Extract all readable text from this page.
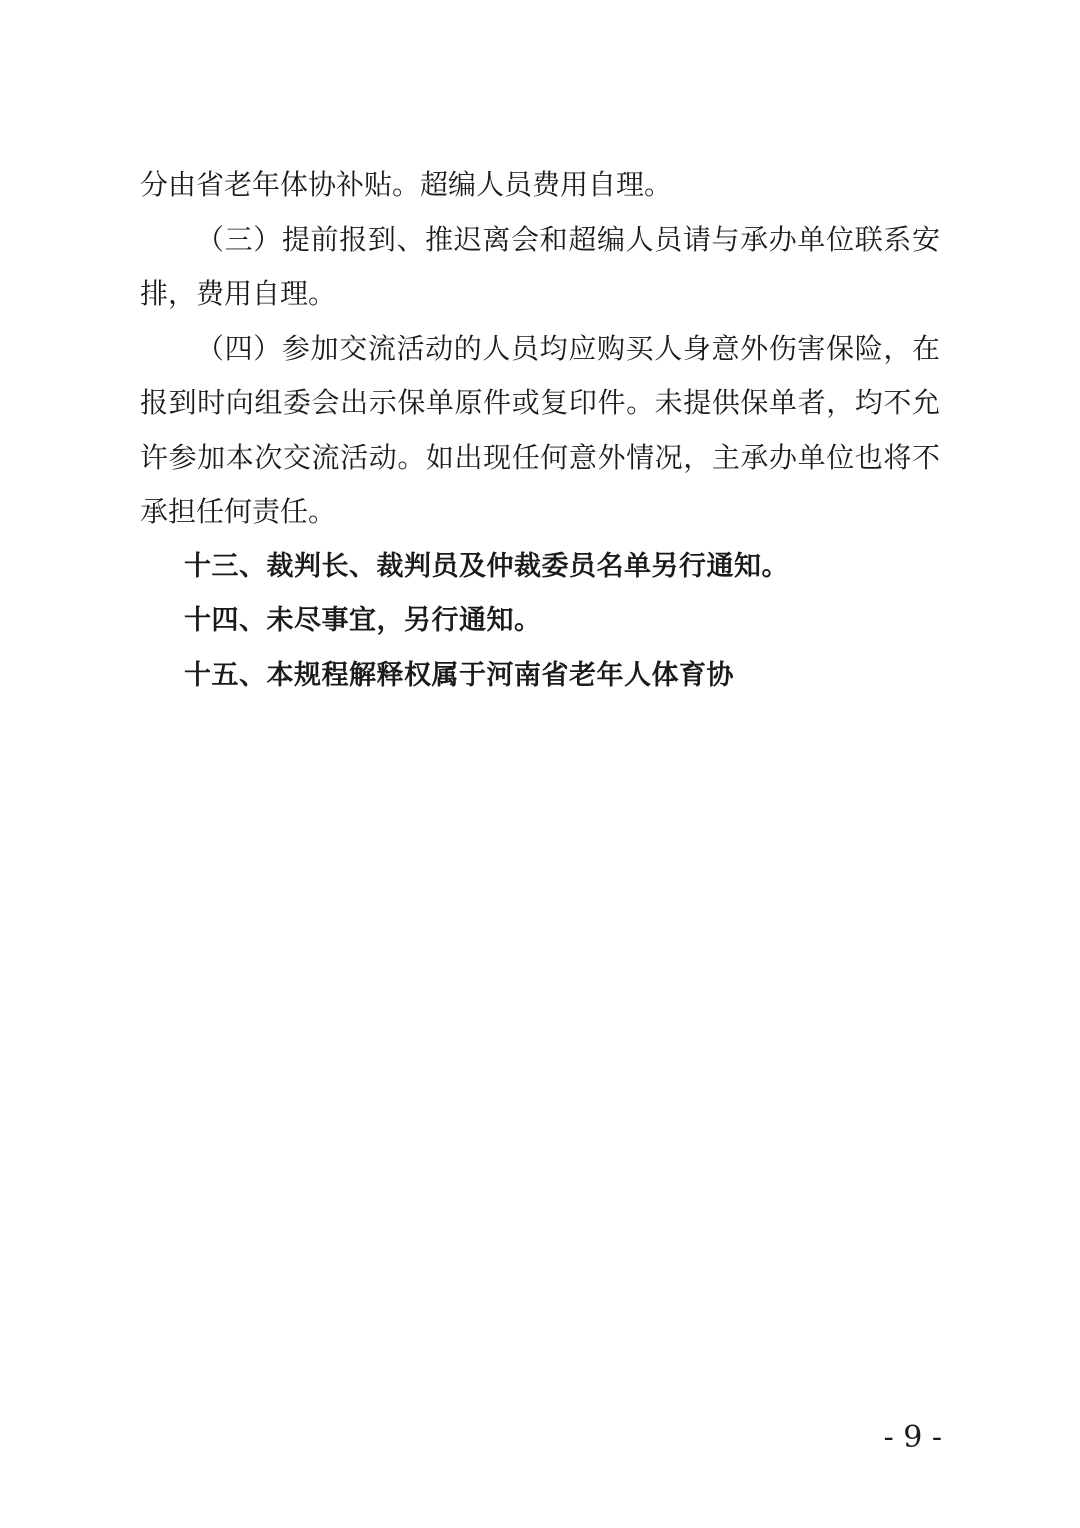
分由省老年体协补贴。超编人员费用自理。

（三）提前报到、推迟离会和超编人员请与承办单位联系安排，费用自理。

（四）参加交流活动的人员均应购买人身意外伤害保险，在报到时向组委会出示保单原件或复印件。未提供保单者，均不允许参加本次交流活动。如出现任何意外情况，主承办单位也将不承担任何责任。

十三、裁判长、裁判员及仲裁委员名单另行通知。

十四、未尽事宜，另行通知。

十五、本规程解释权属于河南省老年人体育协

- 9 -
